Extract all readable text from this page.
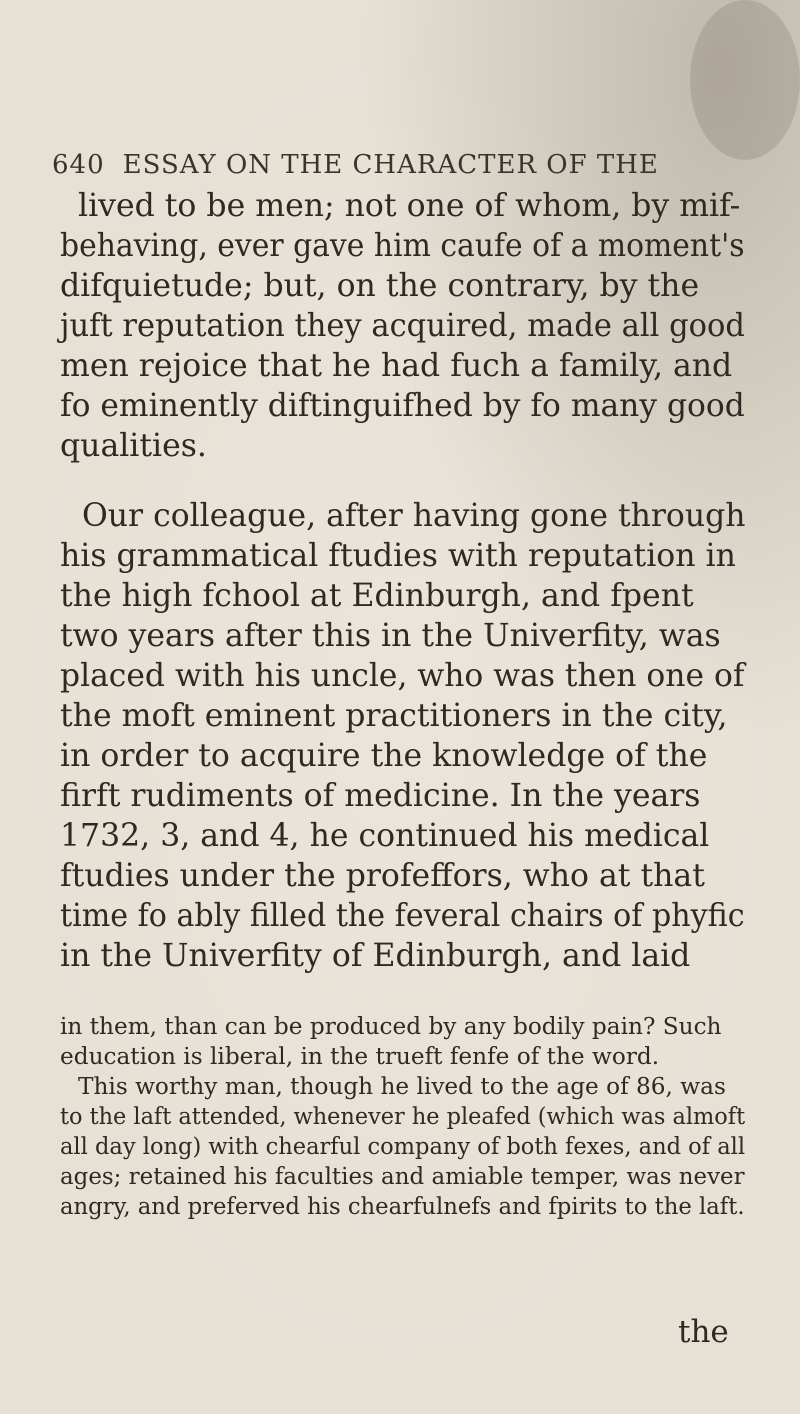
640 ESSAY ON THE CHARACTER OF THE
lived to be men; not one of whom, by mif-
behaving, ever gave him caufe of a moment's
difquietude; but, on the contrary, by the
juft reputation they acquired, made all good
men rejoice that he had fuch a family, and
fo eminently diftinguifhed by fo many good
qualities.
Our colleague, after having gone through
his grammatical ftudies with reputation in
the high fchool at Edinburgh, and fpent
two years after this in the Univerfity, was
placed with his uncle, who was then one of
the moft eminent practitioners in the city,
in order to acquire the knowledge of the
firft rudiments of medicine. In the years
1732, 3, and 4, he continued his medical
ftudies under the profeffors, who at that
time fo ably filled the feveral chairs of phyfic
in the Univerfity of Edinburgh, and laid
in them, than can be produced by any bodily pain? Such
education is liberal, in the trueft fenfe of the word.
This worthy man, though he lived to the age of 86, was
to the laft attended, whenever he pleafed (which was almoft
all day long) with chearful company of both fexes, and of all
ages; retained his faculties and amiable temper, was never
angry, and preferved his chearfulnefs and fpirits to the laft.
the
